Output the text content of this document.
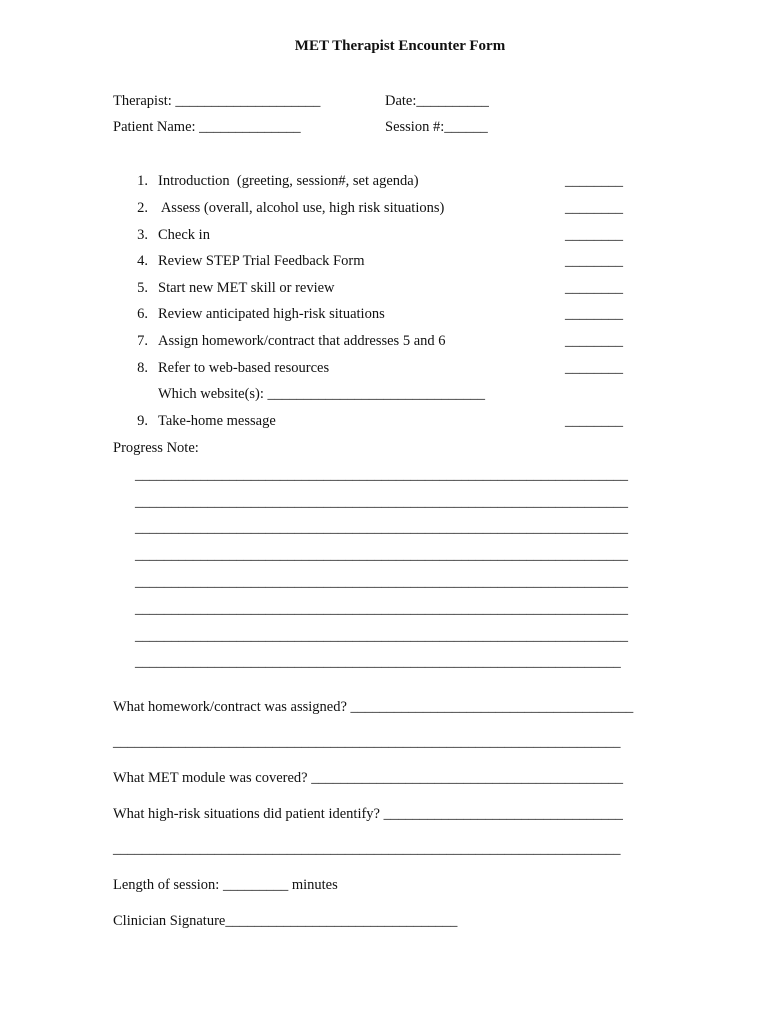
MET Therapist Encounter Form
Therapist: ____________________	Date:__________
Patient Name: ______________	Session #:______
1. Introduction  (greeting, session#, set agenda)	________
2. Assess (overall, alcohol use, high risk situations)	________
3. Check in	________
4. Review STEP Trial Feedback Form	________
5. Start new MET skill or review	________
6. Review anticipated high-risk situations	________
7. Assign homework/contract that addresses 5 and 6	________
8. Refer to web-based resources	________
Which website(s): ______________________________
9. Take-home message	________
Progress Note:
____________________________________________________________________
____________________________________________________________________
____________________________________________________________________
____________________________________________________________________
____________________________________________________________________
____________________________________________________________________
____________________________________________________________________
___________________________________________________________________
What homework/contract was assigned? _______________________________________
______________________________________________________________________
What MET module was covered? ___________________________________________
What high-risk situations did patient identify? _________________________________
______________________________________________________________________
Length of session: _________ minutes
Clinician Signature________________________________
